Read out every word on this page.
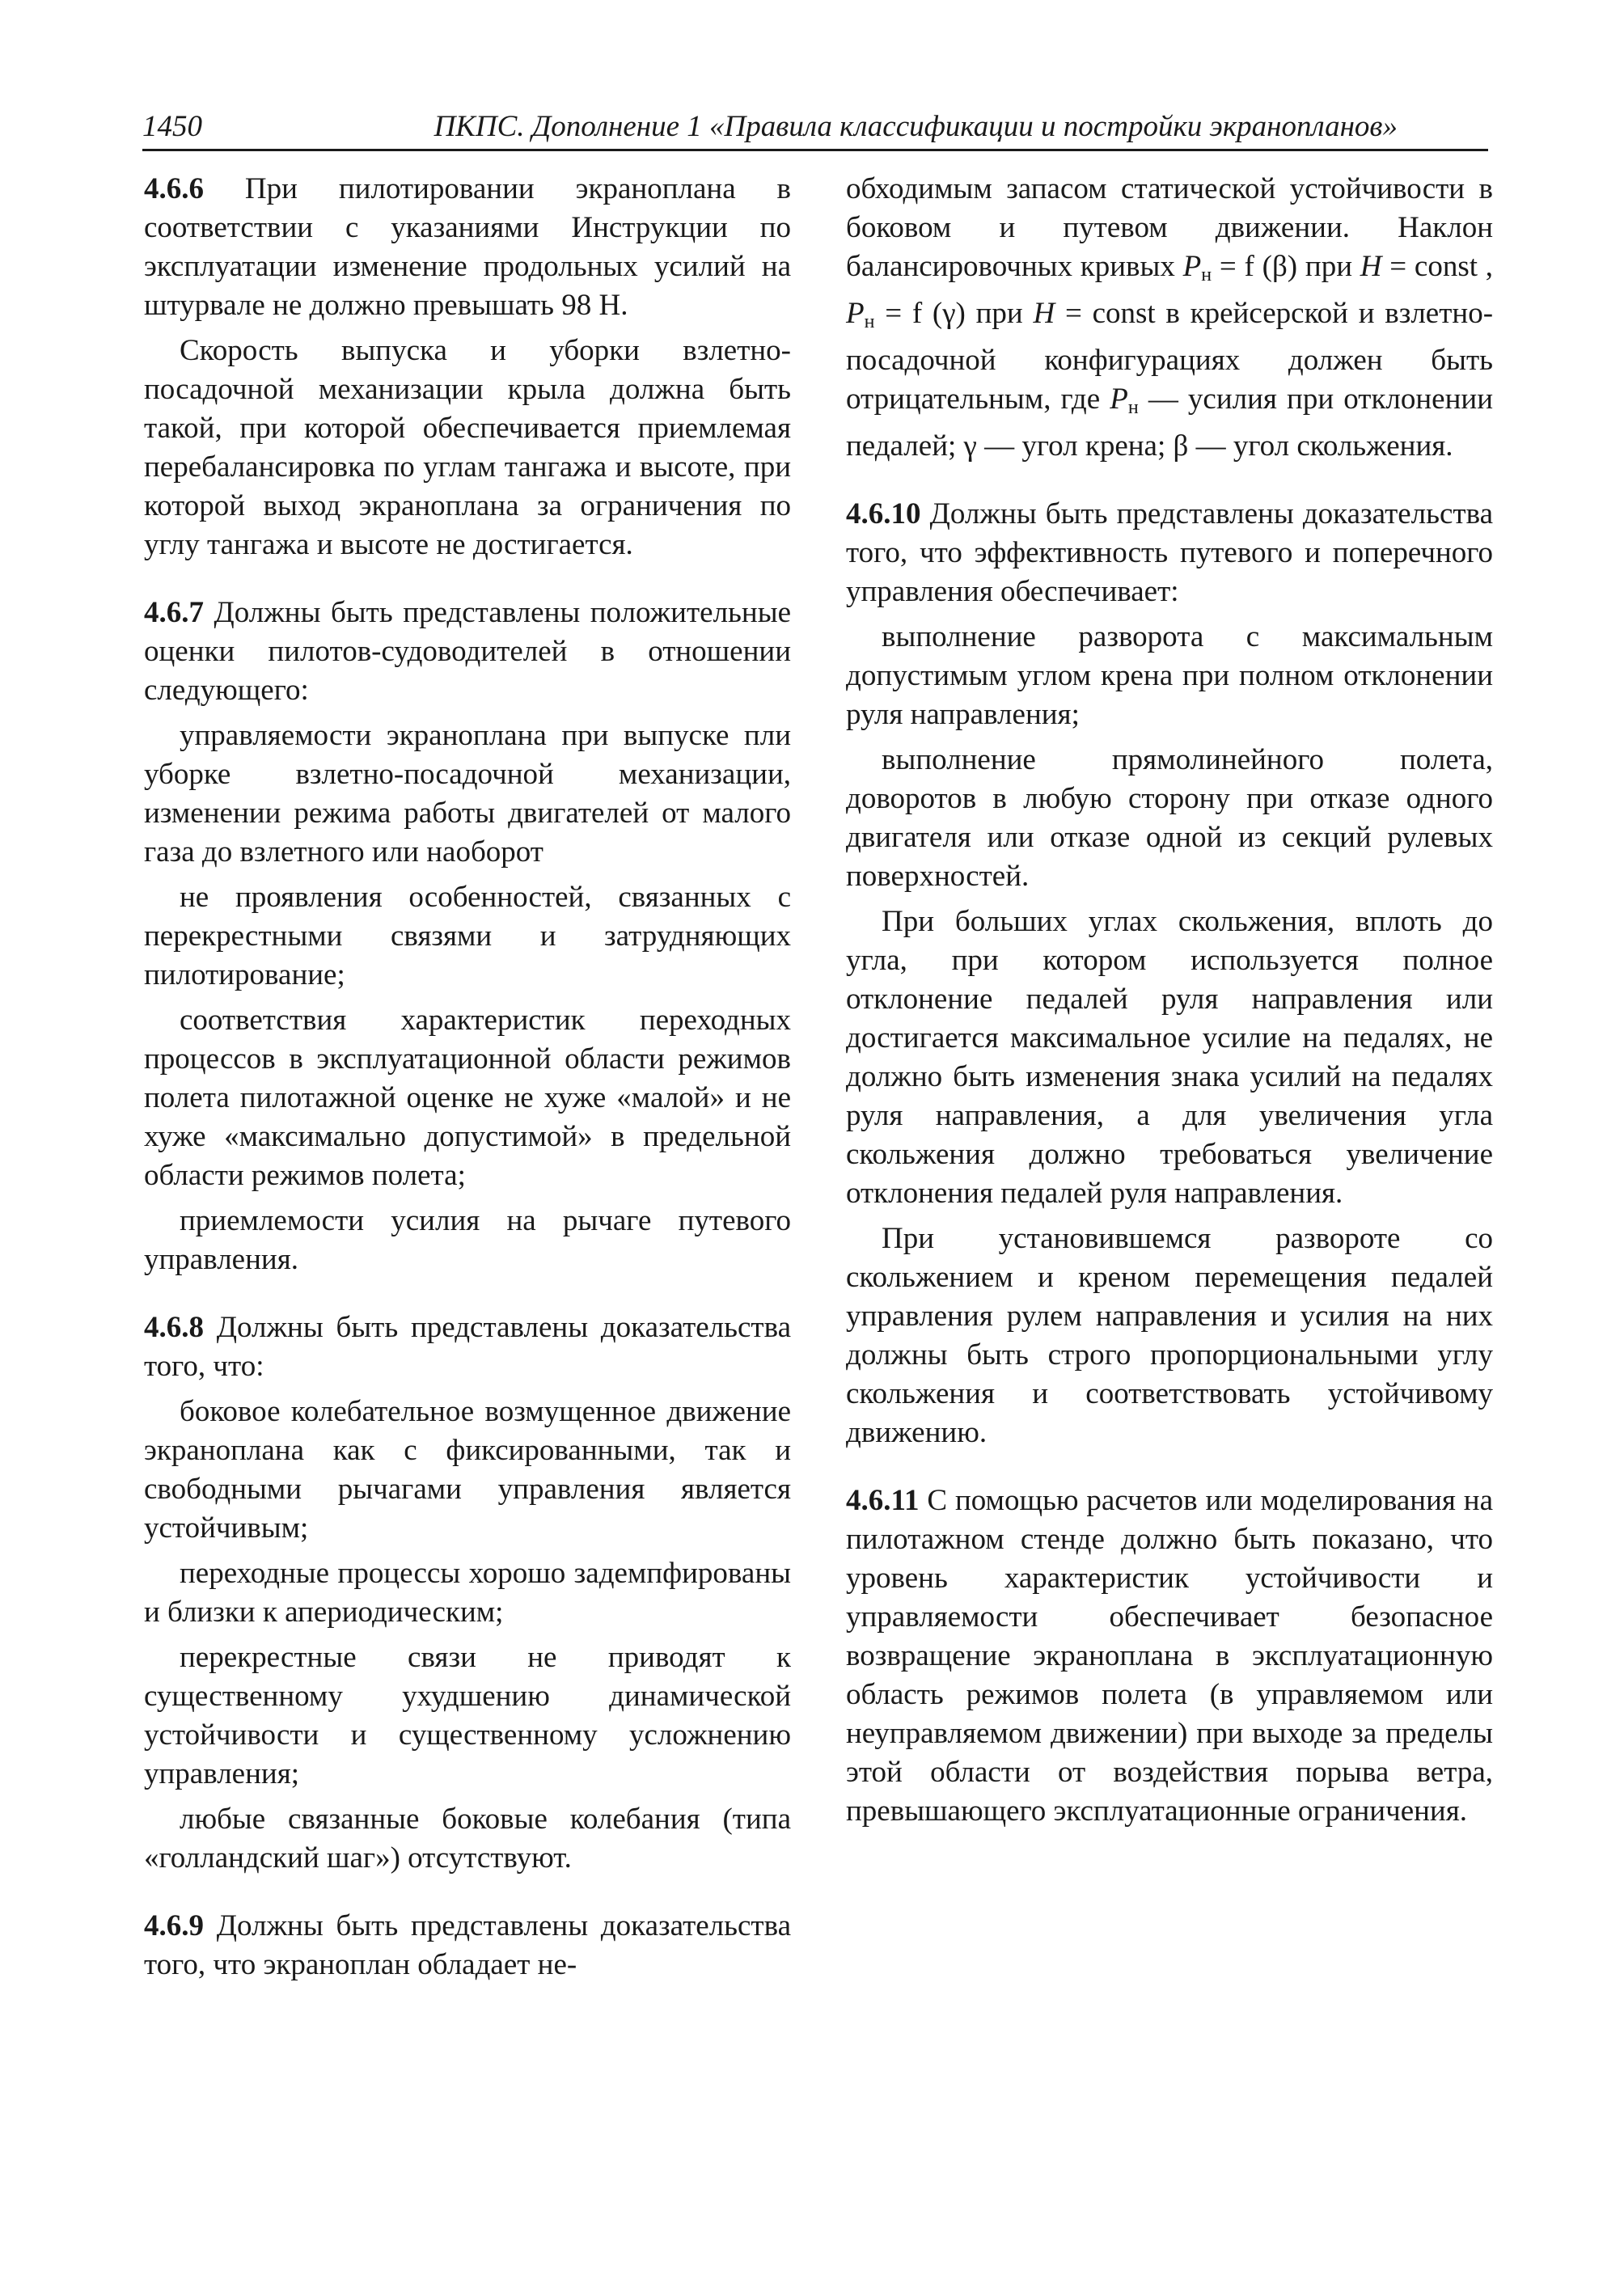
1450	ПКПС. Дополнение 1 «Правила классификации и постройки экранопланов»

4.6.6 При пилотировании экраноплана в соответствии с указаниями Инструкции по эксплуатации изменение продольных усилий на штурвале не должно превышать 98 Н.

Скорость выпуска и уборки взлетно-посадочной механизации крыла должна быть такой, при которой обеспечивается приемлемая перебалансировка по углам тангажа и высоте, при которой выход экраноплана за ограничения по углу тангажа и высоте не достигается.

4.6.7 Должны быть представлены положительные оценки пилотов-судоводителей в отношении следующего:

управляемости экраноплана при выпуске пли уборке взлетно-посадочной механизации, изменении режима работы двигателей от малого газа до взлетного или наоборот

не проявления особенностей, связанных с перекрестными связями и затрудняющих пилотирование;

соответствия характеристик переходных процессов в эксплуатационной области режимов полета пилотажной оценке не хуже «малой» и не хуже «максимально допустимой» в предельной области режимов полета;

приемлемости усилия на рычаге путевого управления.

4.6.8 Должны быть представлены доказательства того, что:

боковое колебательное возмущенное движение экраноплана как с фиксированными, так и свободными рычагами управления является устойчивым;

переходные процессы хорошо задемпфированы и близки к апериодическим;

перекрестные связи не приводят к существенному ухудшению динамической устойчивости и существенному усложнению управления;

любые связанные боковые колебания (типа «голландский шаг») отсутствуют.

4.6.9 Должны быть представлены доказательства того, что экраноплан обладает не-

обходимым запасом статической устойчивости в боковом и путевом движении. Наклон балансировочных кривых $P_н = f$ (β) при H = const , $P_н = f$ (γ) при H = const в крейсерской и взлетно-посадочной конфигурациях должен быть отрицательным, где $P_н$ — усилия при отклонении педалей; γ — угол крена; β — угол скольжения.

4.6.10 Должны быть представлены доказательства того, что эффективность путевого и поперечного управления обеспечивает:

выполнение разворота с максимальным допустимым углом крена при полном отклонении руля направления;

выполнение прямолинейного полета, доворотов в любую сторону при отказе одного двигателя или отказе одной из секций рулевых поверхностей.

При больших углах скольжения, вплоть до угла, при котором используется полное отклонение педалей руля направления или достигается максимальное усилие на педалях, не должно быть изменения знака усилий на педалях руля направления, а для увеличения угла скольжения должно требоваться увеличение отклонения педалей руля направления.

При установившемся развороте со скольжением и креном перемещения педалей управления рулем направления и усилия на них должны быть строго пропорциональными углу скольжения и соответствовать устойчивому движению.

4.6.11 С помощью расчетов или моделирования на пилотажном стенде должно быть показано, что уровень характеристик устойчивости и управляемости обеспечивает безопасное возвращение экраноплана в эксплуатационную область режимов полета (в управляемом или неуправляемом движении) при выходе за пределы этой области от воздействия порыва ветра, превышающего эксплуатационные ограничения.
